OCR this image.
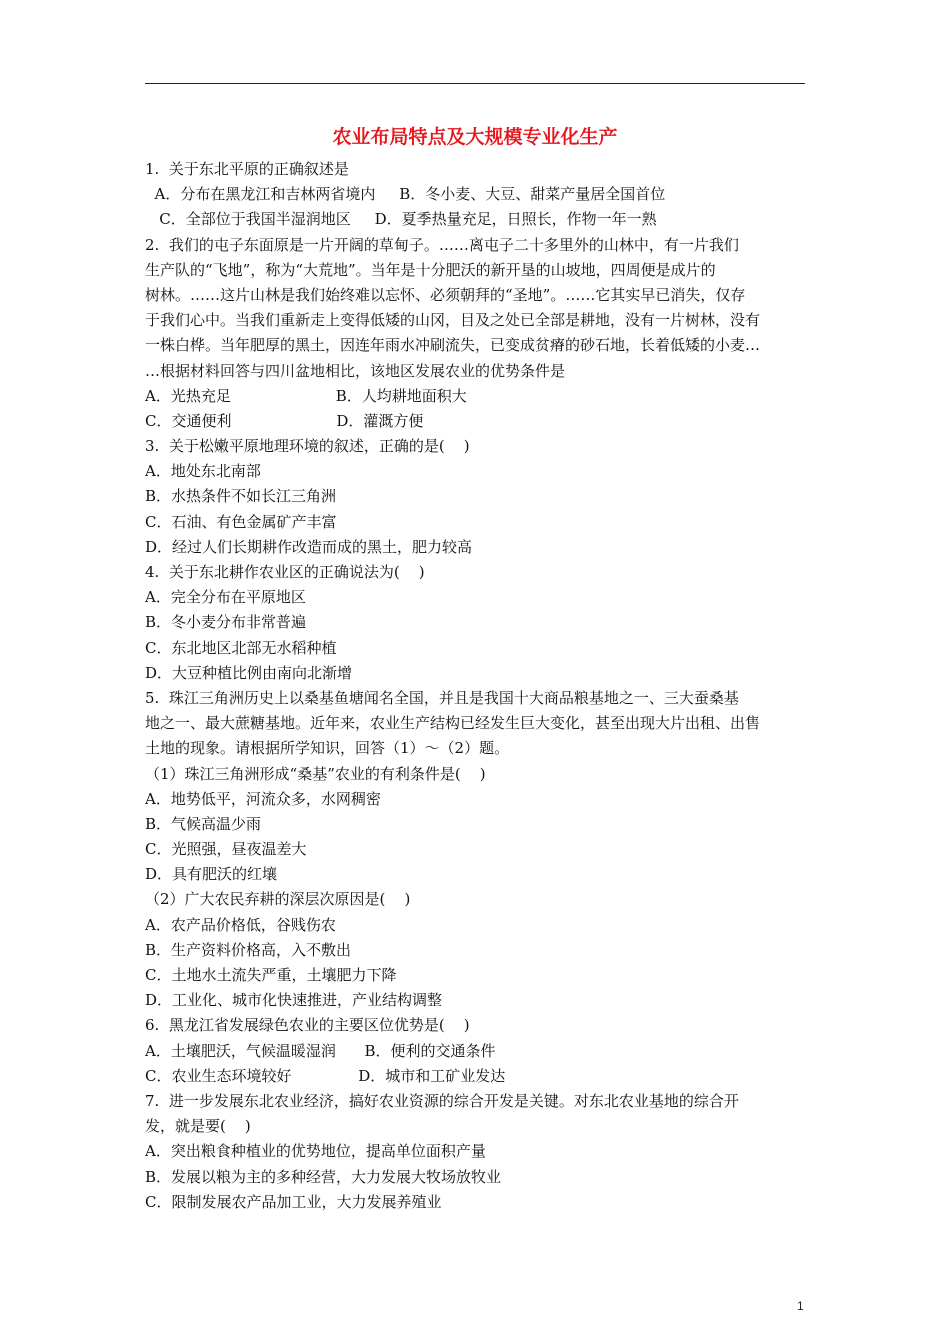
农业布局特点及大规模专业化生产
1.  关于东北平原的正确叙述是
A．分布在黑龙江和吉林两省境内     B．冬小麦、大豆、甜菜产量居全国首位
C．全部位于我国半湿润地区     D．夏季热量充足，日照长，作物一年一熟
2.  我们的屯子东面原是一片开阔的草甸子。……离屯子二十多里外的山林中，有一片我们
生产队的“飞地”，称为“大荒地”。当年是十分肥沃的新开垦的山坡地，四周便是成片的
树林。……这片山林是我们始终难以忘怀、必须朝拜的“圣地”。……它其实早已消失，仅存
于我们心中。当我们重新走上变得低矮的山冈，目及之处已全部是耕地，没有一片树林，没有
一株白桦。当年肥厚的黑土，因连年雨水冲刷流失，已变成贫瘠的砂石地，长着低矮的小麦…
…根据材料回答与四川盆地相比，该地区发展农业的优势条件是
A．光热充足                      B．人均耕地面积大
C．交通便利                      D．灌溉方便
3.  关于松嫩平原地理环境的叙述，正确的是(    )
A．地处东北南部
B．水热条件不如长江三角洲
C．石油、有色金属矿产丰富
D．经过人们长期耕作改造而成的黑土，肥力较高
4.  关于东北耕作农业区的正确说法为(    )
A．完全分布在平原地区
B．冬小麦分布非常普遍
C．东北地区北部无水稻种植
D．大豆种植比例由南向北渐增
5.  珠江三角洲历史上以桑基鱼塘闻名全国，并且是我国十大商品粮基地之一、三大蚕桑基
地之一、最大蔗糖基地。近年来，农业生产结构已经发生巨大变化，甚至出现大片出租、出售
土地的现象。请根据所学知识，回答（1）～（2）题。
（1）珠江三角洲形成“桑基”农业的有利条件是(    )
A．地势低平，河流众多，水网稠密
B．气候高温少雨
C．光照强，昼夜温差大
D．具有肥沃的红壤
（2）广大农民弃耕的深层次原因是(    )
A．农产品价格低，谷贱伤农
B．生产资料价格高，入不敷出
C．土地水土流失严重，土壤肥力下降
D．工业化、城市化快速推进，产业结构调整
6.  黑龙江省发展绿色农业的主要区位优势是(    )
A．土壤肥沃，气候温暖湿润      B．便利的交通条件
C．农业生态环境较好              D．城市和工矿业发达
7.  进一步发展东北农业经济，搞好农业资源的综合开发是关键。对东北农业基地的综合开
发，就是要(    )
A．突出粮食种植业的优势地位，提高单位面积产量
B．发展以粮为主的多种经营，大力发展大牧场放牧业
C．限制发展农产品加工业，大力发展养殖业
1
